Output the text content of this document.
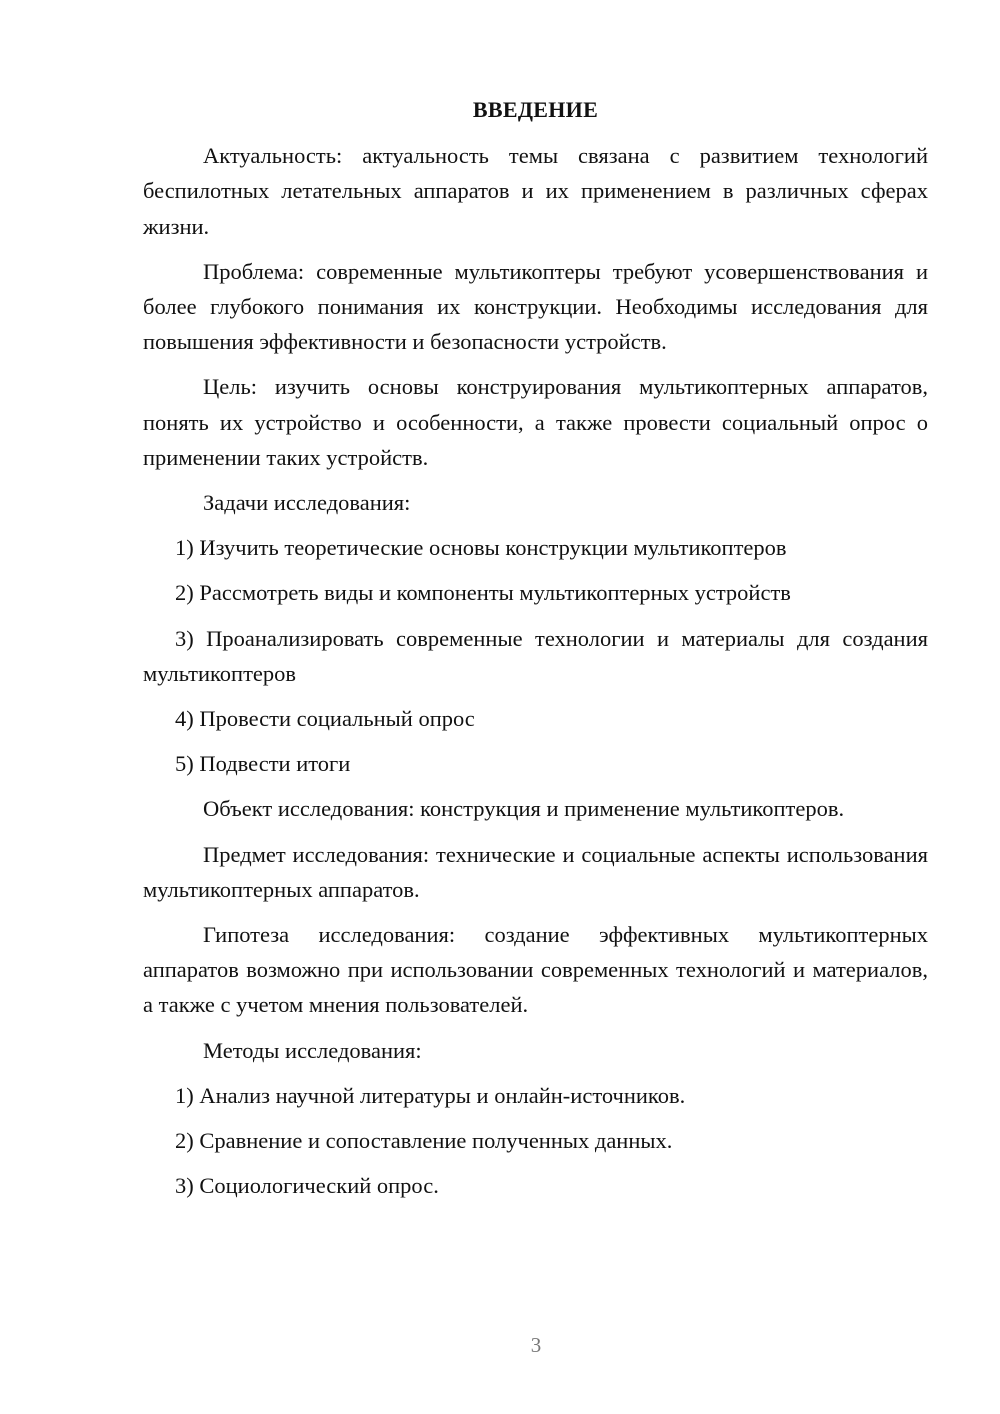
ВВЕДЕНИЕ

Актуальность: актуальность темы связана с развитием технологий беспилотных летательных аппаратов и их применением в различных сферах жизни.

Проблема: современные мультикоптеры требуют усовершенствования и более глубокого понимания их конструкции. Необходимы исследования для повышения эффективности и безопасности устройств.

Цель: изучить основы конструирования мультикоптерных аппаратов, понять их устройство и особенности, а также провести социальный опрос о применении таких устройств.

Задачи исследования:

1) Изучить теоретические основы конструкции мультикоптеров

2) Рассмотреть виды и компоненты мультикоптерных устройств

3) Проанализировать современные технологии и материалы для создания мультикоптеров

4) Провести социальный опрос

5) Подвести итоги

Объект исследования: конструкция и применение мультикоптеров.

Предмет исследования: технические и социальные аспекты использования мультикоптерных аппаратов.

Гипотеза исследования: создание эффективных мультикоптерных аппаратов возможно при использовании современных технологий и материалов, а также с учетом мнения пользователей.

Методы исследования:

1) Анализ научной литературы и онлайн-источников.

2) Сравнение и сопоставление полученных данных.

3) Социологический опрос.

3
